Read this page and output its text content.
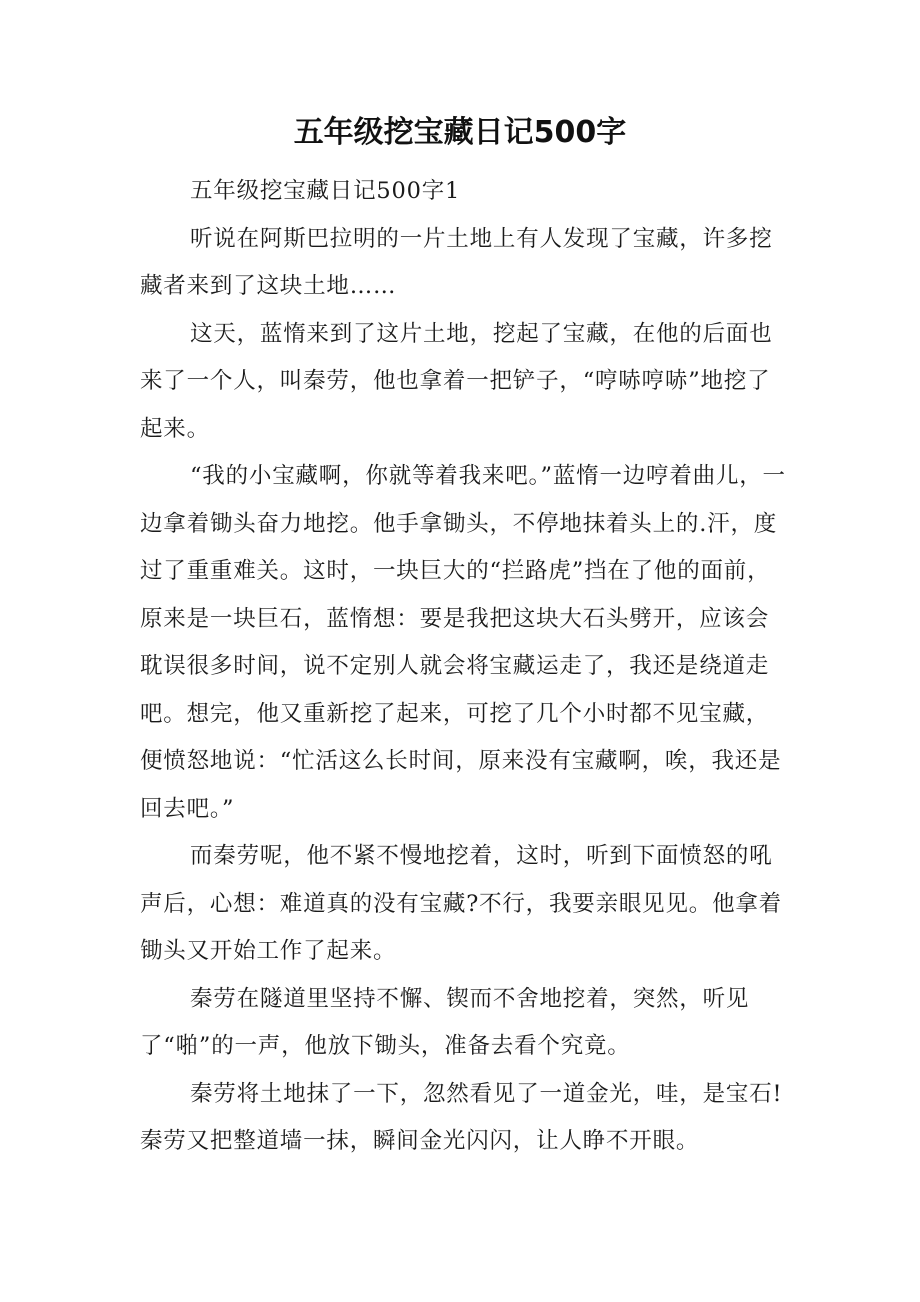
五年级挖宝藏日记500字

五年级挖宝藏日记500字1

听说在阿斯巴拉明的一片土地上有人发现了宝藏，许多挖藏者来到了这块土地……

这天，蓝惰来到了这片土地，挖起了宝藏，在他的后面也来了一个人，叫秦劳，他也拿着一把铲子，“哼哧哼哧”地挖了起来。

“我的小宝藏啊，你就等着我来吧。”蓝惰一边哼着曲儿，一边拿着锄头奋力地挖。他手拿锄头，不停地抹着头上的.汗，度过了重重难关。这时，一块巨大的“拦路虎”挡在了他的面前，原来是一块巨石，蓝惰想：要是我把这块大石头劈开，应该会耽误很多时间，说不定别人就会将宝藏运走了，我还是绕道走吧。想完，他又重新挖了起来，可挖了几个小时都不见宝藏，便愤怒地说：“忙活这么长时间，原来没有宝藏啊，唉，我还是回去吧。”

而秦劳呢，他不紧不慢地挖着，这时，听到下面愤怒的吼声后，心想：难道真的没有宝藏?不行，我要亲眼见见。他拿着锄头又开始工作了起来。

秦劳在隧道里坚持不懈、锲而不舍地挖着，突然，听见了“啪”的一声，他放下锄头，准备去看个究竟。

秦劳将土地抹了一下，忽然看见了一道金光，哇，是宝石!秦劳又把整道墙一抹，瞬间金光闪闪，让人睁不开眼。
